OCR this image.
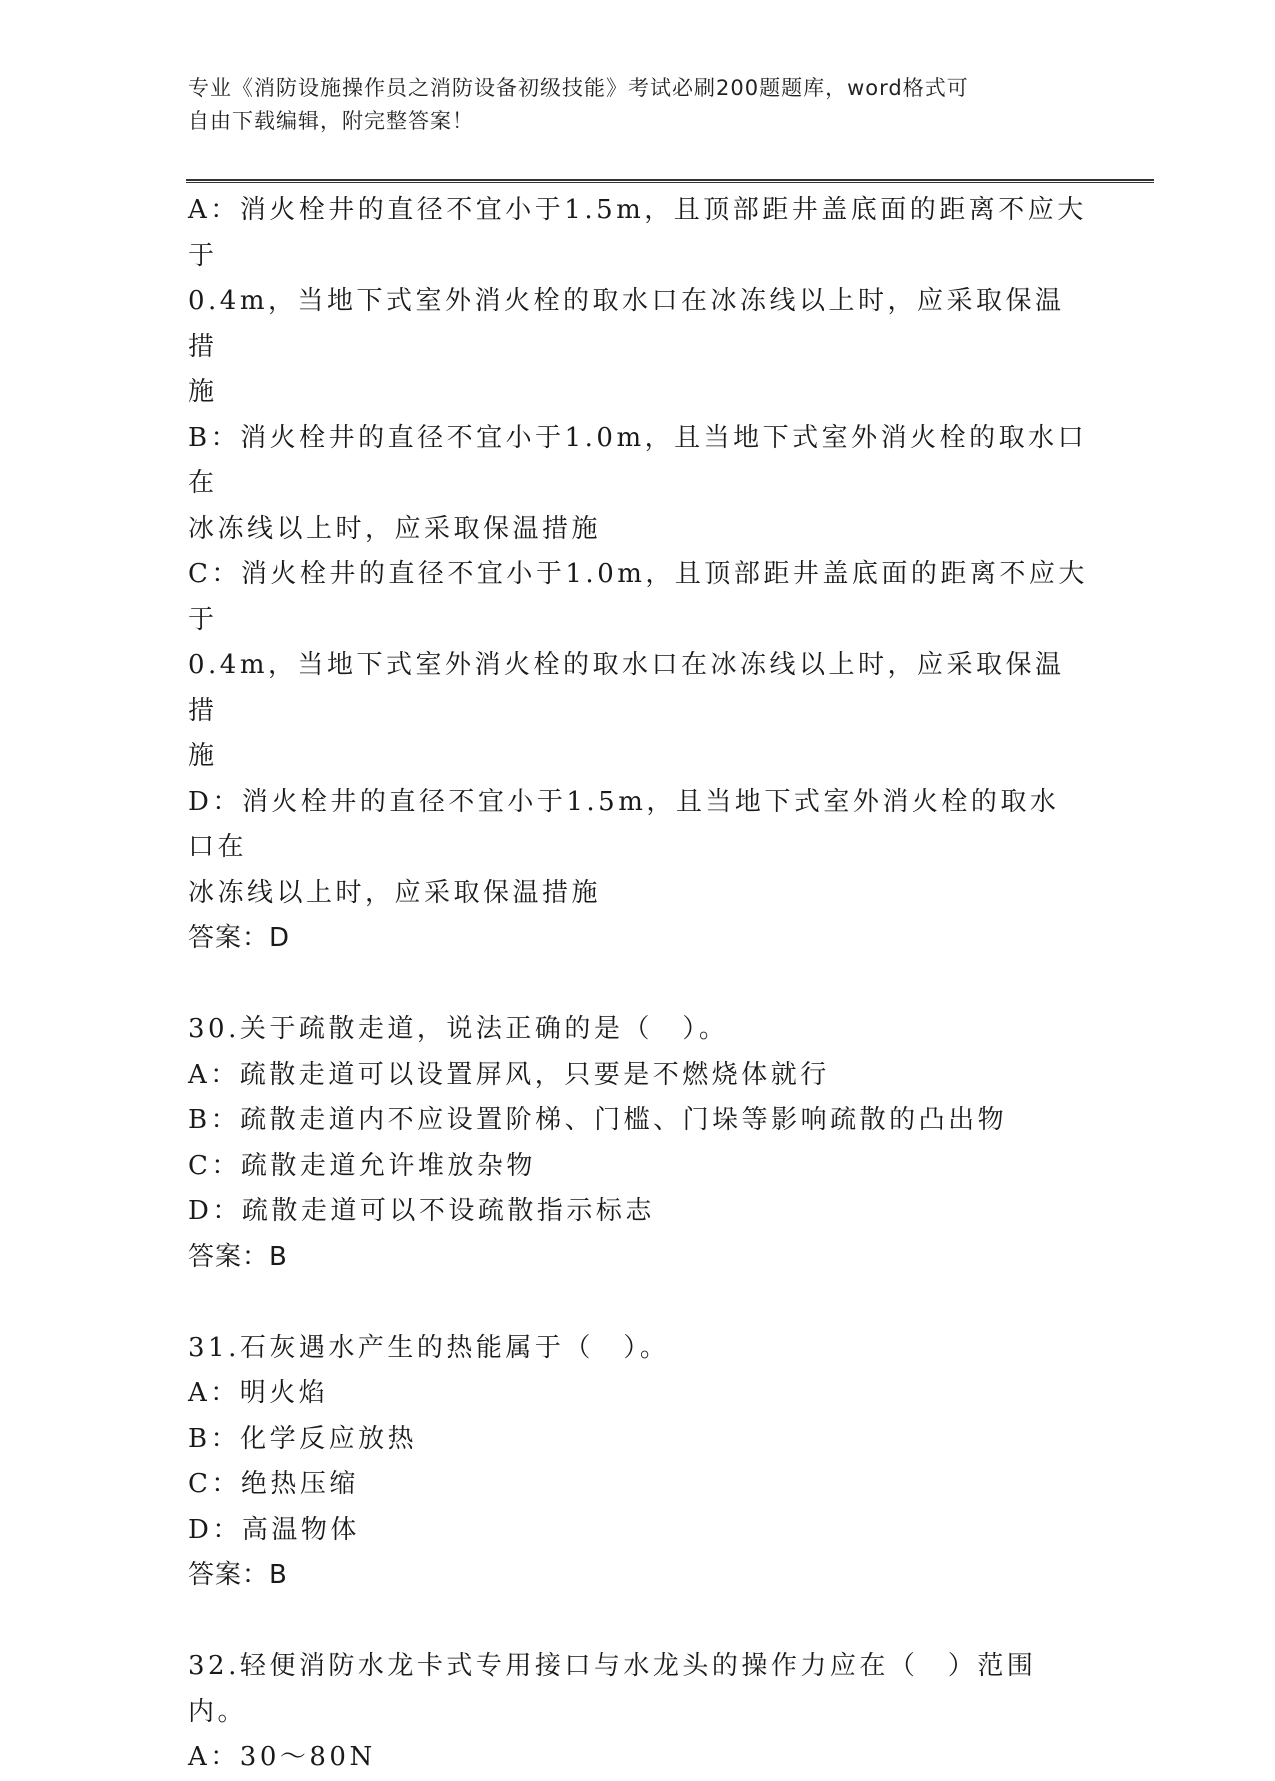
专业《消防设施操作员之消防设备初级技能》考试必刷200题题库，word格式可
自由下载编辑，附完整答案！
A：消火栓井的直径不宜小于1.5m，且顶部距井盖底面的距离不应大于
0.4m，当地下式室外消火栓的取水口在冰冻线以上时，应采取保温措
施
B：消火栓井的直径不宜小于1.0m，且当地下式室外消火栓的取水口在
冰冻线以上时，应采取保温措施
C：消火栓井的直径不宜小于1.0m，且顶部距井盖底面的距离不应大于
0.4m，当地下式室外消火栓的取水口在冰冻线以上时，应采取保温措
施
D：消火栓井的直径不宜小于1.5m，且当地下式室外消火栓的取水口在
冰冻线以上时，应采取保温措施
答案：D
30.关于疏散走道，说法正确的是（　）。
A：疏散走道可以设置屏风，只要是不燃烧体就行
B：疏散走道内不应设置阶梯、门槛、门垛等影响疏散的凸出物
C：疏散走道允许堆放杂物
D：疏散走道可以不设疏散指示标志
答案：B
31.石灰遇水产生的热能属于（　）。
A：明火焰
B：化学反应放热
C：绝热压缩
D：高温物体
答案：B
32.轻便消防水龙卡式专用接口与水龙头的操作力应在（　）范围内。
A：30～80N
